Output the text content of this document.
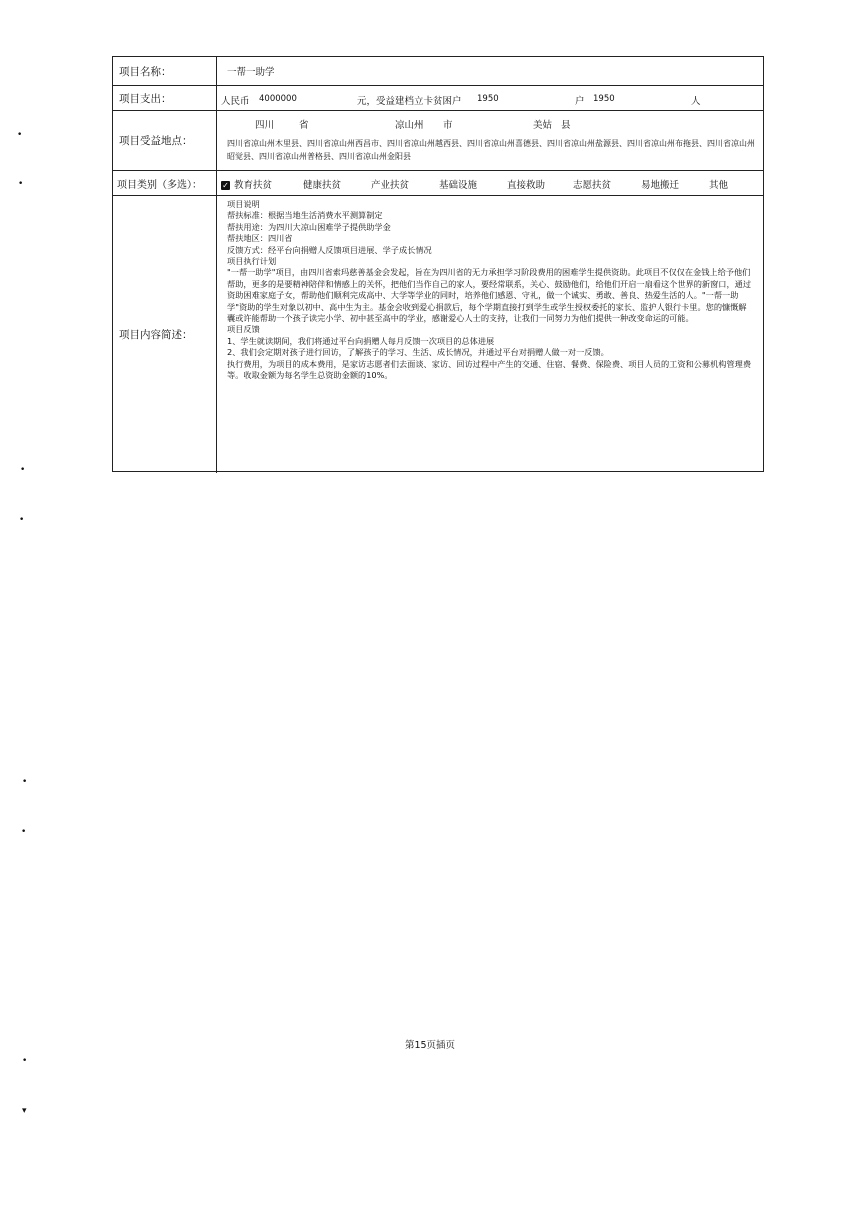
项目名称：	一帮一助学
项目支出：	人民币 4000000	元，受益建档立卡贫困户 1950	户 1950	人
项目受益地点：
四川	省	凉山州 市	美姑 县
四川省凉山州木里县、四川省凉山州西昌市、四川省凉山州越西县、四川省凉山州喜德县、四川省凉山州盐源县、四川省凉山州布拖县、四川省凉山州昭觉县、四川省凉山州普格县、四川省凉山州金阳县
项目类别（多选）：	✓ 教育扶贫	健康扶贫	产业扶贫	基础设施	直接救助	志愿扶贫	易地搬迁	其他
项目内容简述：
项目说明
帮扶标准：根据当地生活消费水平测算制定
帮扶用途：为四川大凉山困难学子提供助学金
帮扶地区：四川省
反馈方式：经平台向捐赠人反馈项目进展、学子成长情况
项目执行计划
"一帮一助学"项目，由四川省索玛慈善基金会发起，旨在为四川省的无力承担学习阶段费用的困难学生提供资助。此项目不仅仅在金钱上给予他们帮助，更多的是要精神陪伴和情感上的关怀，把他们当作自己的家人，要经常联系，关心、鼓励他们，给他们开启一扇看这个世界的新窗口，通过资助困难家庭子女，帮助他们顺利完成高中、大学等学业的同时，培养他们感恩、守礼，做一个诚实、勇敢、善良、热爱生活的人。"一帮一助学"资助的学生对象以初中、高中生为主。基金会收到爱心捐款后，每个学期直接打到学生或学生授权委托的家长、监护人银行卡里。您的慷慨解囊或许能帮助一个孩子读完小学、初中甚至高中的学业，感谢爱心人士的支持，让我们一同努力为他们提供一种改变命运的可能。
项目反馈
1、学生就读期间，我们将通过平台向捐赠人每月反馈一次项目的总体进展
2、我们会定期对孩子进行回访，了解孩子的学习、生活、成长情况，并通过平台对捐赠人做一对一反馈。
执行费用，为项目的成本费用，是家访志愿者们去面谈、家访、回访过程中产生的交通、住宿、餐费、保险费、项目人员的工资和公募机构管理费等。收取金额为每名学生总资助金额的10%。
第15页插页
•
•
•
•
•
•
•
▾
